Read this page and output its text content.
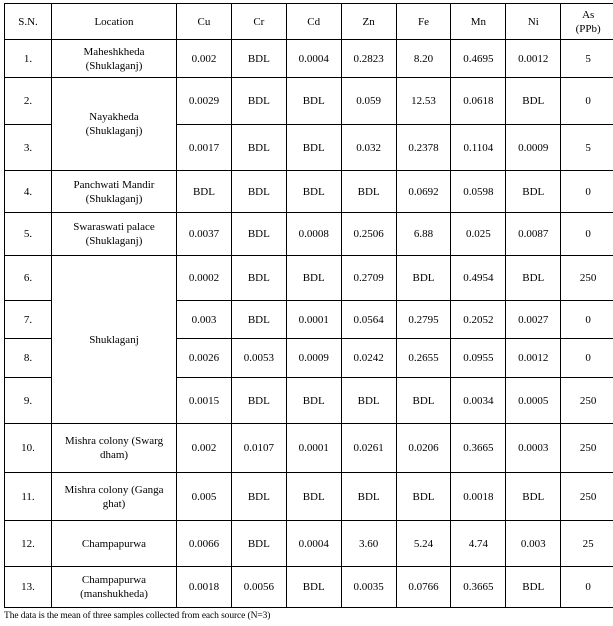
S.N.	Location	Cu	Cr	Cd	Zn	Fe	Mn	Ni	As (PPb)
1.	Maheshkheda (Shuklaganj)	0.002	BDL	0.0004	0.2823	8.20	0.4695	0.0012	5
2.	Nayakheda (Shuklaganj)	0.0029	BDL	BDL	0.059	12.53	0.0618	BDL	0
3.		0.0017	BDL	BDL	0.032	0.2378	0.1104	0.0009	5
4.	Panchwati Mandir (Shuklaganj)	BDL	BDL	BDL	BDL	0.0692	0.0598	BDL	0
5.	Swaraswati palace (Shuklaganj)	0.0037	BDL	0.0008	0.2506	6.88	0.025	0.0087	0
6.	Shuklaganj	0.0002	BDL	BDL	0.2709	BDL	0.4954	BDL	250
7.		0.003	BDL	0.0001	0.0564	0.2795	0.2052	0.0027	0
8.		0.0026	0.0053	0.0009	0.0242	0.2655	0.0955	0.0012	0
9.		0.0015	BDL	BDL	BDL	BDL	0.0034	0.0005	250
10.	Mishra colony (Swarg dham)	0.002	0.0107	0.0001	0.0261	0.0206	0.3665	0.0003	250
11.	Mishra colony (Ganga ghat)	0.005	BDL	BDL	BDL	BDL	0.0018	BDL	250
12.	Champapurwa	0.0066	BDL	0.0004	3.60	5.24	4.74	0.003	25
13.	Champapurwa (manshukheda)	0.0018	0.0056	BDL	0.0035	0.0766	0.3665	BDL	0
The data is the mean of three samples collected from each source (N=3)
